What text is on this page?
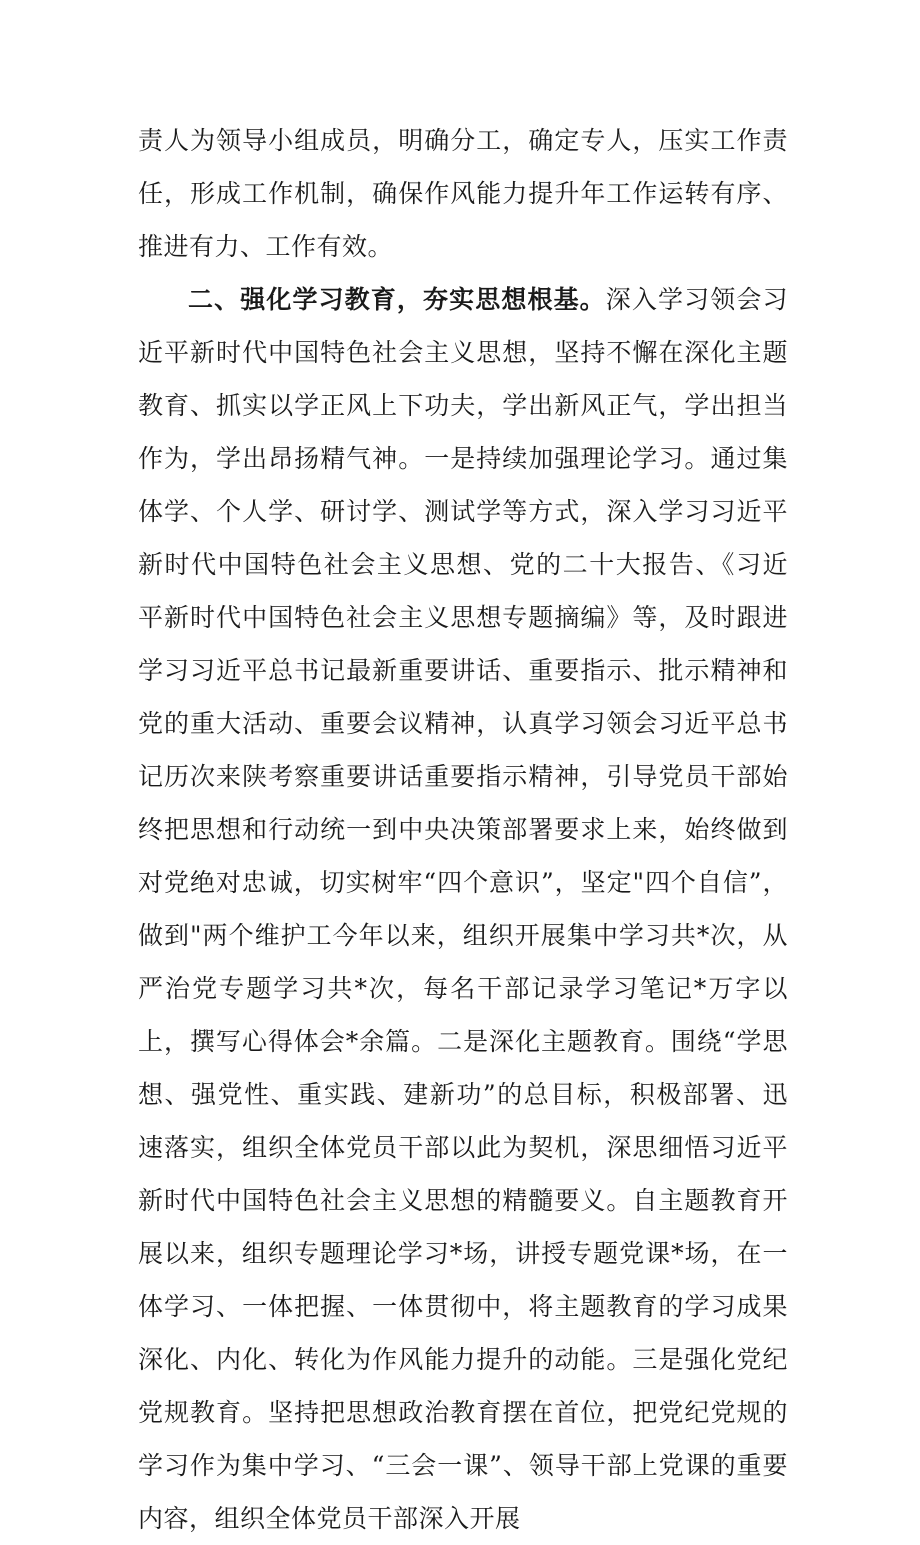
责人为领导小组成员，明确分工，确定专人，压实工作责任，形成工作机制，确保作风能力提升年工作运转有序、推进有力、工作有效。

二、强化学习教育，夯实思想根基。深入学习领会习近平新时代中国特色社会主义思想，坚持不懈在深化主题教育、抓实以学正风上下功夫，学出新风正气，学出担当作为，学出昂扬精气神。一是持续加强理论学习。通过集体学、个人学、研讨学、测试学等方式，深入学习习近平新时代中国特色社会主义思想、党的二十大报告、《习近平新时代中国特色社会主义思想专题摘编》等，及时跟进学习习近平总书记最新重要讲话、重要指示、批示精神和党的重大活动、重要会议精神，认真学习领会习近平总书记历次来陕考察重要讲话重要指示精神，引导党员干部始终把思想和行动统一到中央决策部署要求上来，始终做到对党绝对忠诚，切实树牢“四个意识”，坚定"四个自信”，做到"两个维护工今年以来，组织开展集中学习共*次，从严治党专题学习共*次，每名干部记录学习笔记*万字以上，撰写心得体会*余篇。二是深化主题教育。围绕“学思想、强党性、重实践、建新功”的总目标，积极部署、迅速落实，组织全体党员干部以此为契机，深思细悟习近平新时代中国特色社会主义思想的精髓要义。自主题教育开展以来，组织专题理论学习*场，讲授专题党课*场，在一体学习、一体把握、一体贯彻中，将主题教育的学习成果深化、内化、转化为作风能力提升的动能。三是强化党纪党规教育。坚持把思想政治教育摆在首位，把党纪党规的学习作为集中学习、“三会一课”、领导干部上党课的重要内容，组织全体党员干部深入开展
